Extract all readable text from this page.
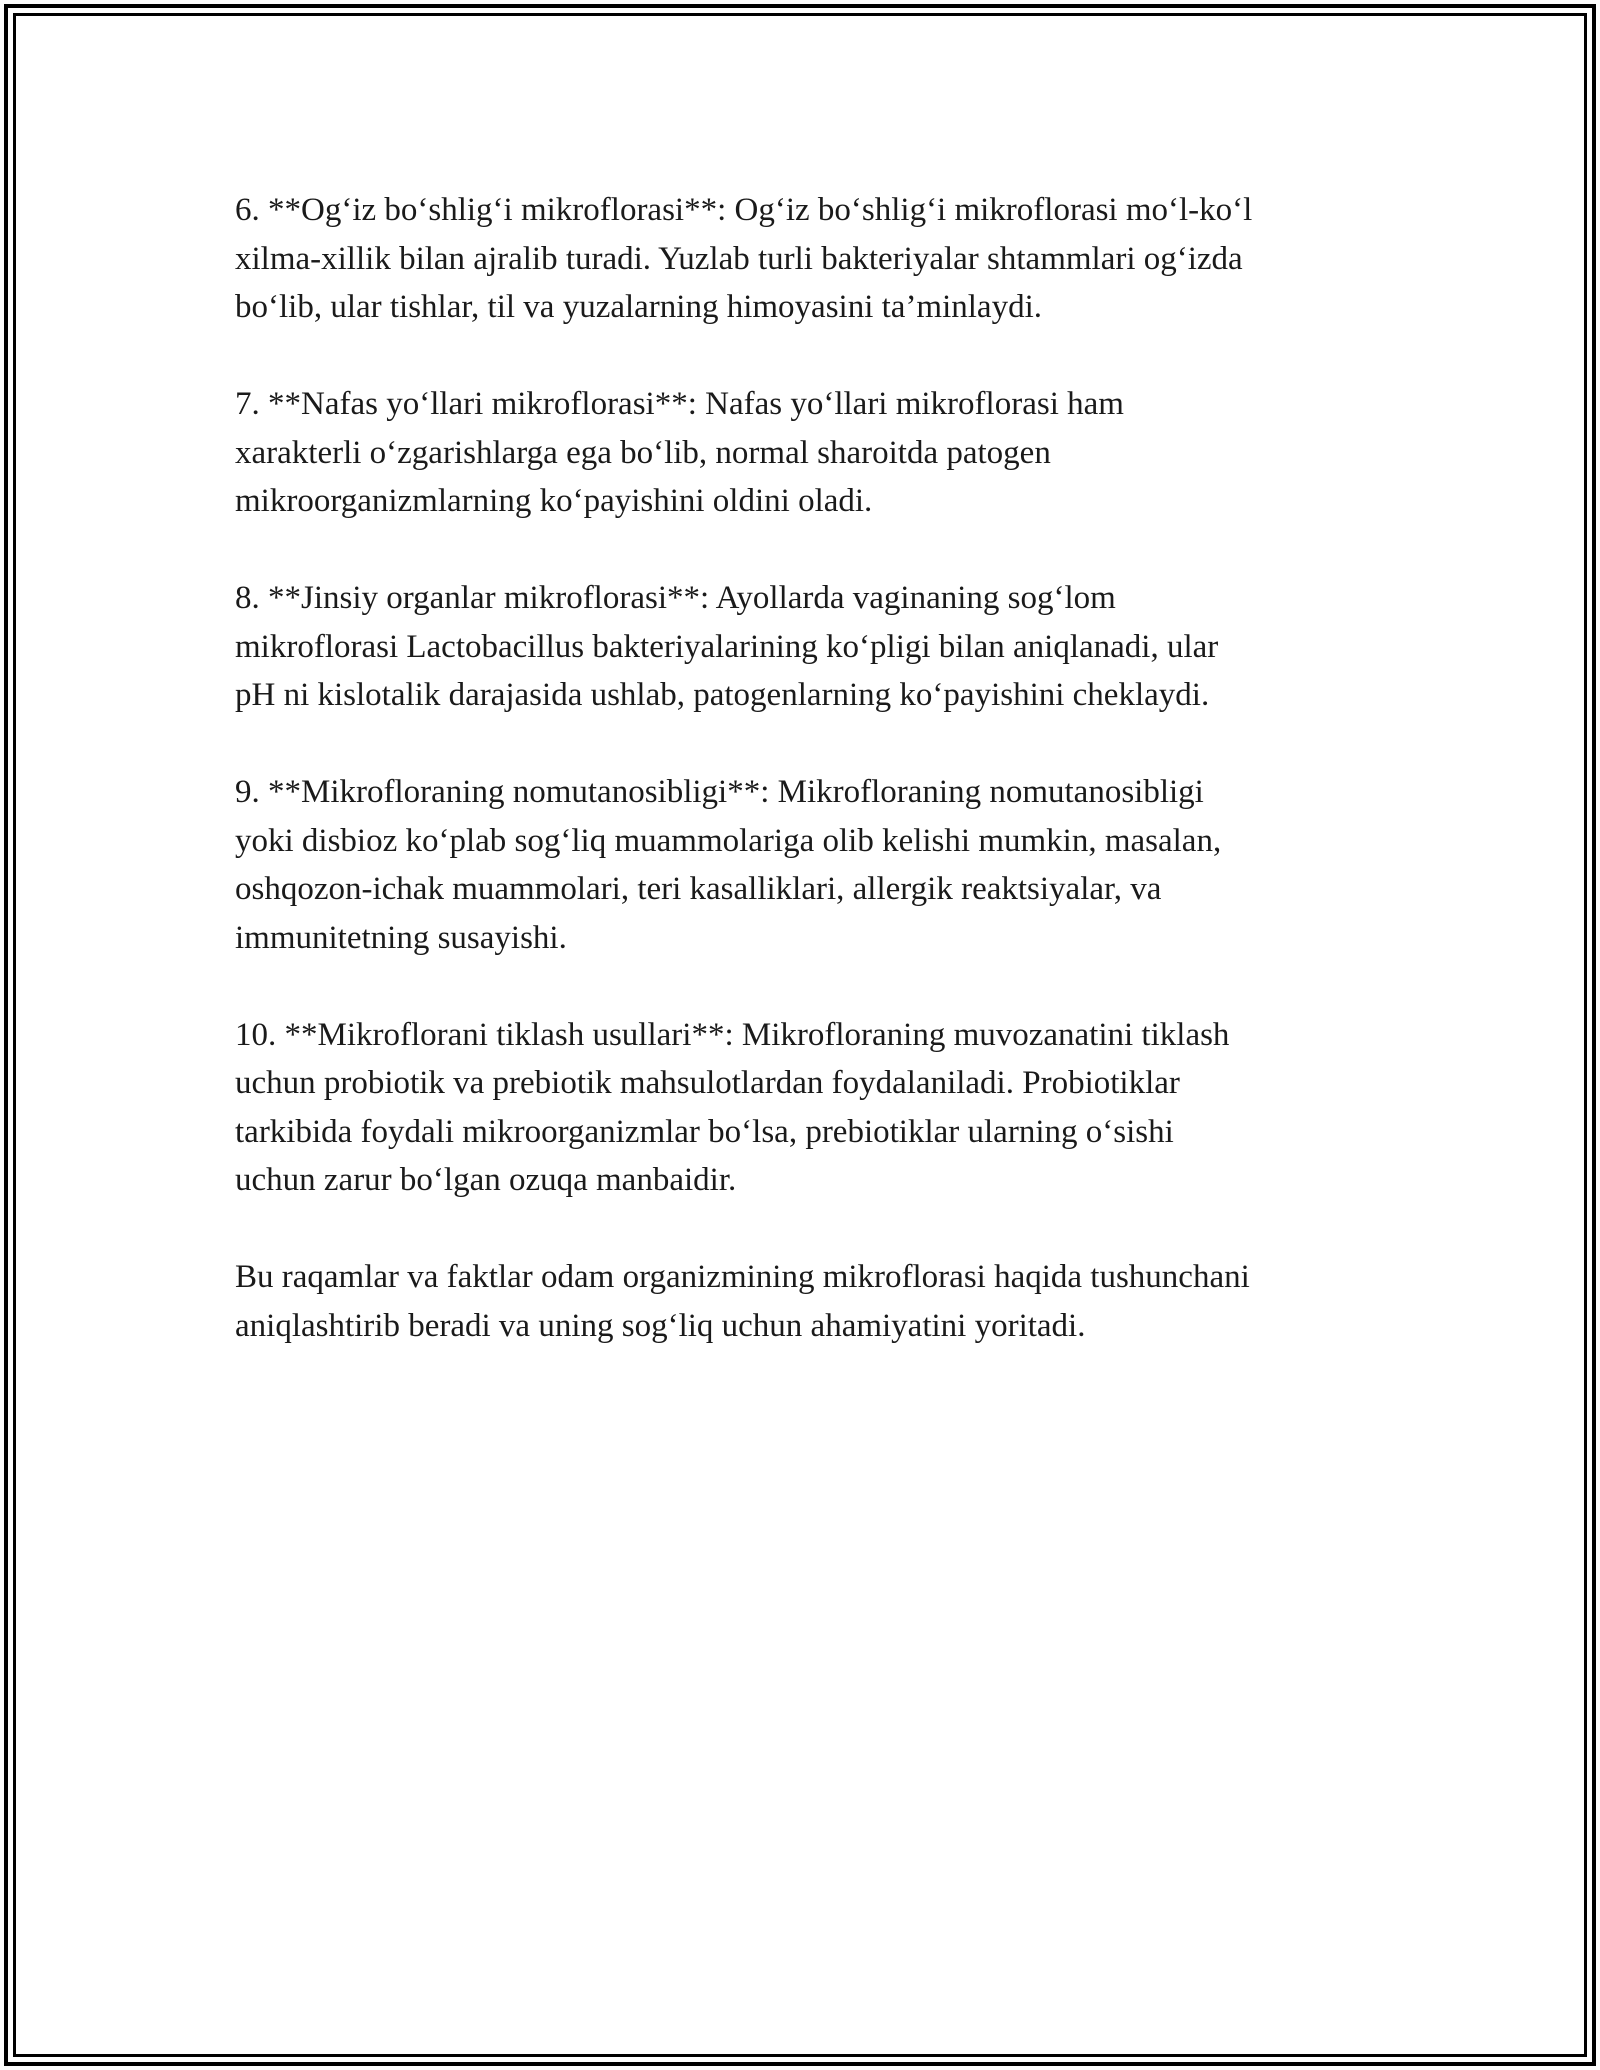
6. **Og‘iz bo‘shlig‘i mikroflorasi**: Og‘iz bo‘shlig‘i mikroflorasi mo‘l-ko‘l
xilma-xillik bilan ajralib turadi. Yuzlab turli bakteriyalar shtammlari og‘izda
bo‘lib, ular tishlar, til va yuzalarning himoyasini ta’minlaydi.

7. **Nafas yo‘llari mikroflorasi**: Nafas yo‘llari mikroflorasi ham
xarakterli o‘zgarishlarga ega bo‘lib, normal sharoitda patogen
mikroorganizmlarning ko‘payishini oldini oladi.

8. **Jinsiy organlar mikroflorasi**: Ayollarda vaginaning sog‘lom
mikroflorasi Lactobacillus bakteriyalarining ko‘pligi bilan aniqlanadi, ular
pH ni kislotalik darajasida ushlab, patogenlarning ko‘payishini cheklaydi.

9. **Mikrofloraning nomutanosibligi**: Mikrofloraning nomutanosibligi
yoki disbioz ko‘plab sog‘liq muammolariga olib kelishi mumkin, masalan,
oshqozon-ichak muammolari, teri kasalliklari, allergik reaktsiyalar, va
immunitetning susayishi.

10. **Mikroflorani tiklash usullari**: Mikrofloraning muvozanatini tiklash
uchun probiotik va prebiotik mahsulotlardan foydalaniladi. Probiotiklar
tarkibida foydali mikroorganizmlar bo‘lsa, prebiotiklar ularning o‘sishi
uchun zarur bo‘lgan ozuqa manbaidir.

Bu raqamlar va faktlar odam organizmining mikroflorasi haqida tushunchani
aniqlashtirib beradi va uning sog‘liq uchun ahamiyatini yoritadi.
